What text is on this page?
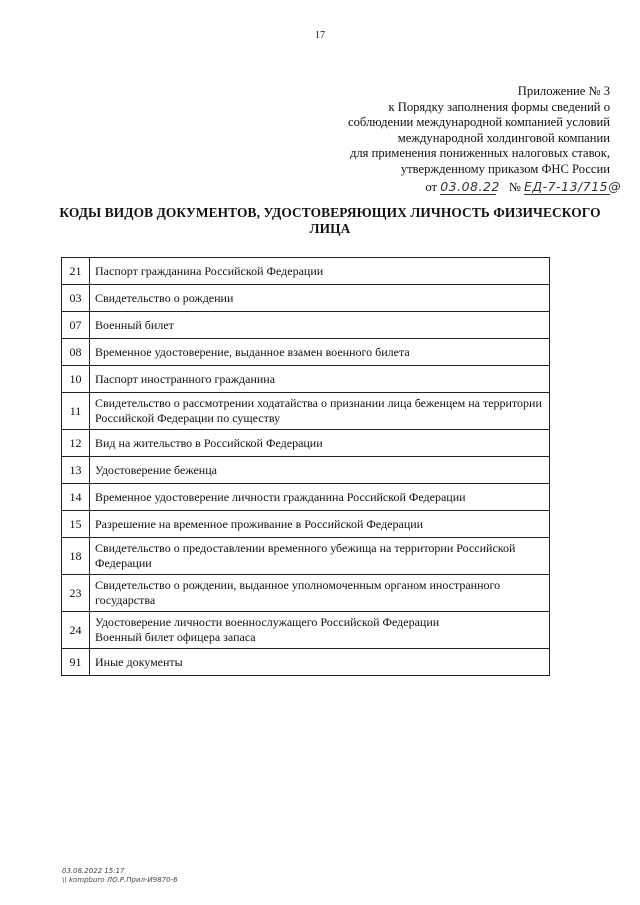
17
Приложение № 3
к Порядку заполнения формы сведений о
соблюдении международной компанией условий
международной холдинговой компании
для применения пониженных налоговых ставок,
утвержденному приказом ФНС России
от 03.08.22 № ЕД-7-13/715@
КОДЫ ВИДОВ ДОКУМЕНТОВ, УДОСТОВЕРЯЮЩИХ ЛИЧНОСТЬ ФИЗИЧЕСКОГО
ЛИЦА
21	Паспорт гражданина Российской Федерации
03	Свидетельство о рождении
07	Военный билет
08	Временное удостоверение, выданное взамен военного билета
10	Паспорт иностранного гражданина
11	Свидетельство о рассмотрении ходатайства о признании лица беженцем на территории Российской Федерации по существу
12	Вид на жительство в Российской Федерации
13	Удостоверение беженца
14	Временное удостоверение личности гражданина Российской Федерации
15	Разрешение на временное проживание в Российской Федерации
18	Свидетельство о предоставлении временного убежища на территории Российской Федерации
23	Свидетельство о рождении, выданное уполномоченным органом иностранного государства
24	Удостоверение личности военнослужащего Российской Федерации
Военный билет офицера запаса

91	Иные документы
03.08.2022 15:17
\\ kompburo ЛО.Р.Прил-И9870-6
